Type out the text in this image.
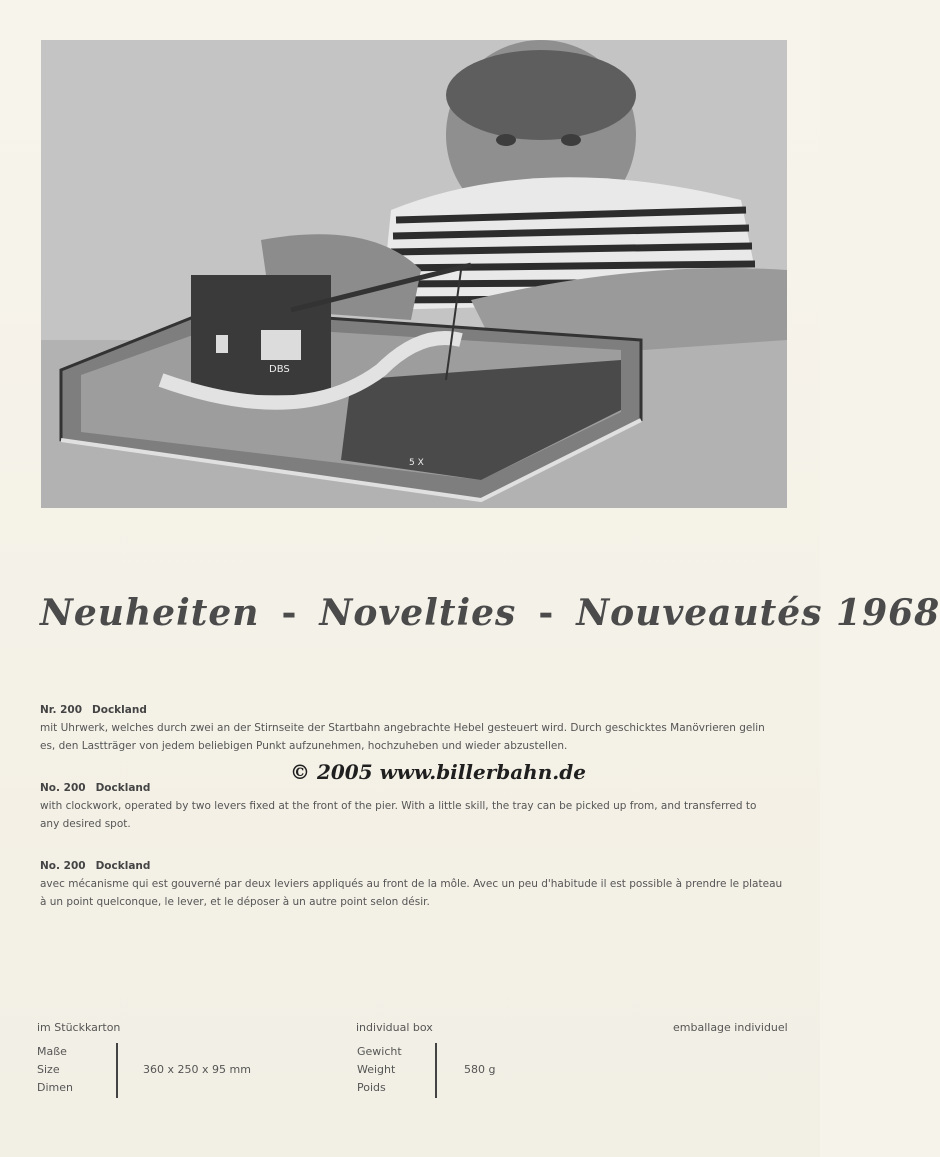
DBS
5 X
Neuheiten - Novelties - Nouveautés 1968
Nr. 200 Dockland

mit Uhrwerk, welches durch zwei an der Stirnseite der Startbahn angebrachte Hebel gesteuert wird. Durch geschicktes Manövrieren gelin

es, den Lastträger von jedem beliebigen Punkt aufzunehmen, hochzuheben und wieder abzustellen.

© 2005 www.billerbahn.de
No. 200 Dockland

with clockwork, operated by two levers fixed at the front of the pier. With a little skill, the tray can be picked up from, and transferred to

any desired spot.

No. 200 Dockland

avec mécanisme qui est gouverné par deux leviers appliqués au front de la môle. Avec un peu d'habitude il est possible à prendre le plateau

à un point quelconque, le lever, et le déposer à un autre point selon désir.

im Stückkarton	individual box	emballage individuel
Maße
Size
Dimen
360 x 250 x 95 mm
Gewicht
Weight
Poids
580 g
